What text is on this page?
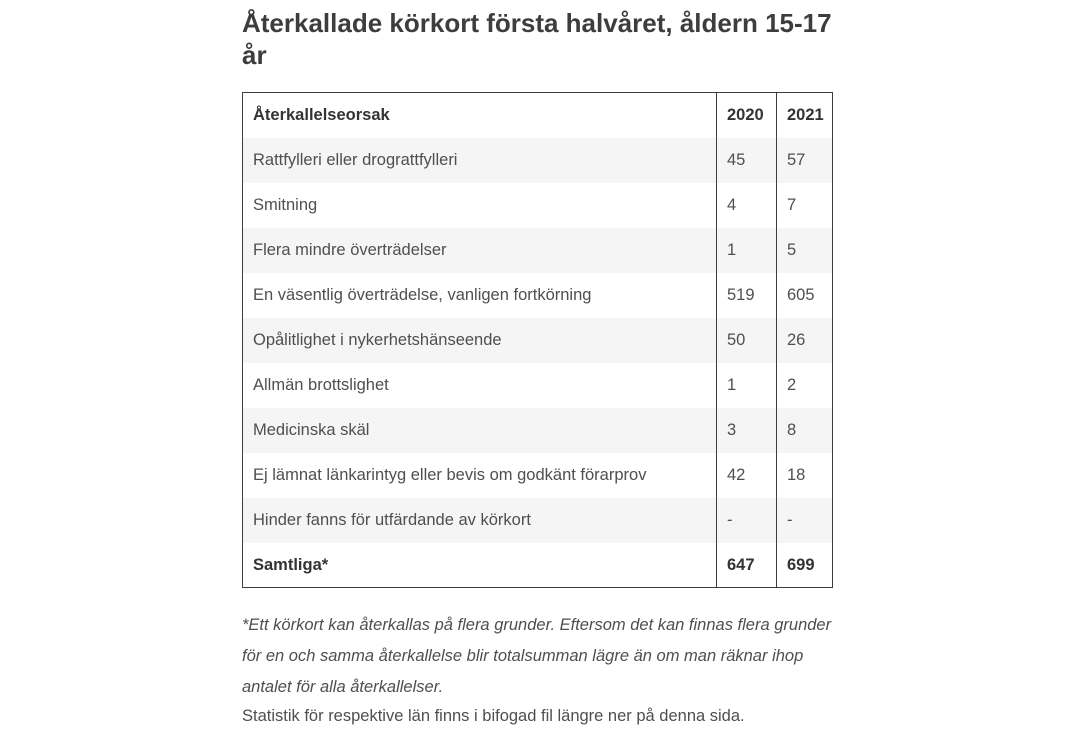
Återkallade körkort första halvåret, åldern 15-17 år
Återkallelseorsak	2020	2021
Rattfylleri eller drograttfylleri	45	57
Smitning	4	7
Flera mindre överträdelser	1	5
En väsentlig överträdelse, vanligen fortkörning	519	605
Opålitlighet i nykerhetshänseende	50	26
Allmän brottslighet	1	2
Medicinska skäl	3	8
Ej lämnat länkarintyg eller bevis om godkänt förarprov	42	18
Hinder fanns för utfärdande av körkort	-	-
Samtliga*	647	699

*Ett körkort kan återkallas på flera grunder. Eftersom det kan finnas flera grunder för en och samma återkallelse blir totalsumman lägre än om man räknar ihop antalet för alla återkallelser.

Statistik för respektive län finns i bifogad fil längre ner på denna sida.
